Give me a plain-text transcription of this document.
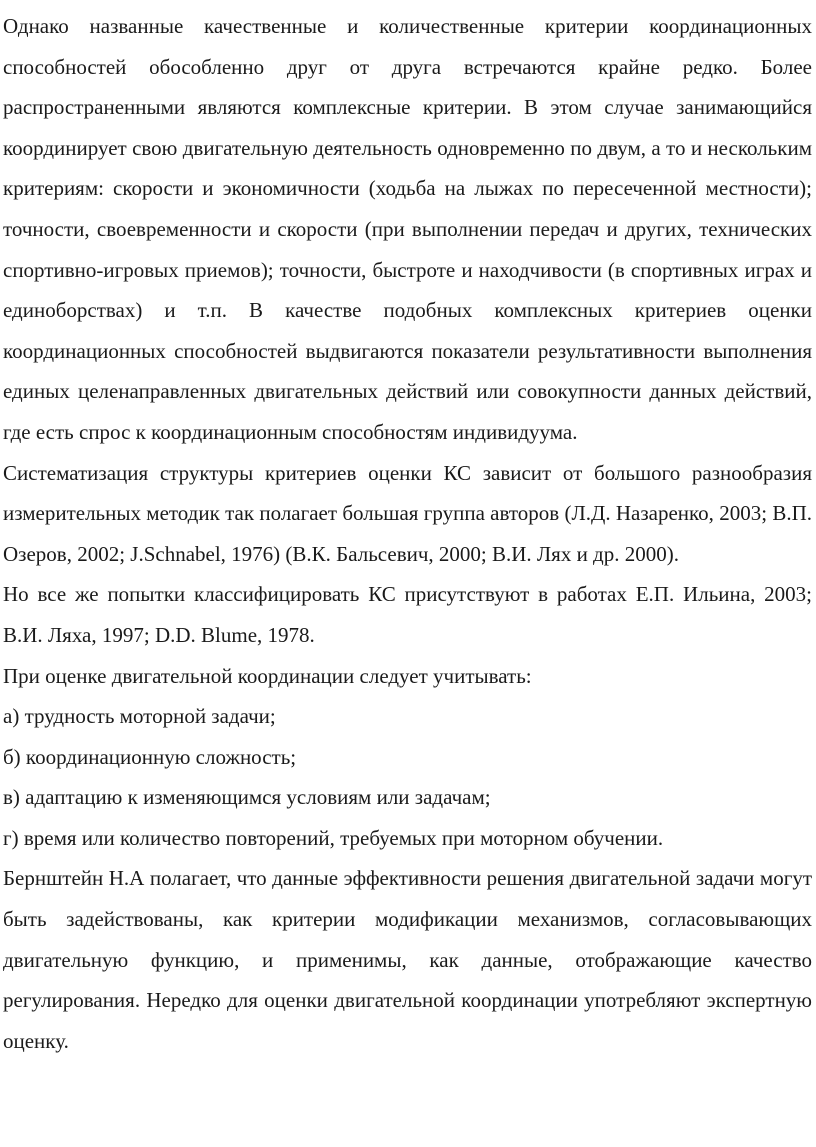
Однако названные качественные и количественные критерии координационных способностей обособленно друг от друга встречаются крайне редко. Более распространенными являются комплексные критерии. В этом случае занимающийся координирует свою двигательную деятельность одновременно по двум, а то и нескольким критериям: скорости и экономичности (ходьба на лыжах по пересеченной местности); точности, своевременности и скорости (при выполнении передач и других, технических спортивно-игровых приемов); точности, быстроте и находчивости (в спортивных играх и единоборствах) и т.п. В качестве подобных комплексных критериев оценки координационных способностей выдвигаются показатели результативности выполнения единых целенаправленных двигательных действий или совокупности данных действий, где есть спрос к координационным способностям индивидуума.

Систематизация структуры критериев оценки КС зависит от большого разнообразия измерительных методик так полагает большая группа авторов (Л.Д. Назаренко, 2003; В.П. Озеров, 2002; J.Schnabel, 1976) (В.К. Бальсевич, 2000; В.И. Лях и др. 2000).

Но все же попытки классифицировать КС присутствуют в работах Е.П. Ильина, 2003; В.И. Ляха, 1997; D.D. Blume, 1978.

При оценке двигательной координации следует учитывать:

а) трудность моторной задачи;

б) координационную сложность;

в) адаптацию к изменяющимся условиям или задачам;

г) время или количество повторений, требуемых при моторном обучении.

Бернштейн Н.А полагает, что данные эффективности решения двигательной задачи могут быть задействованы, как критерии модификации механизмов, согласовывающих двигательную функцию, и применимы, как данные, отображающие качество регулирования. Нередко для оценки двигательной координации употребляют экспертную оценку.
